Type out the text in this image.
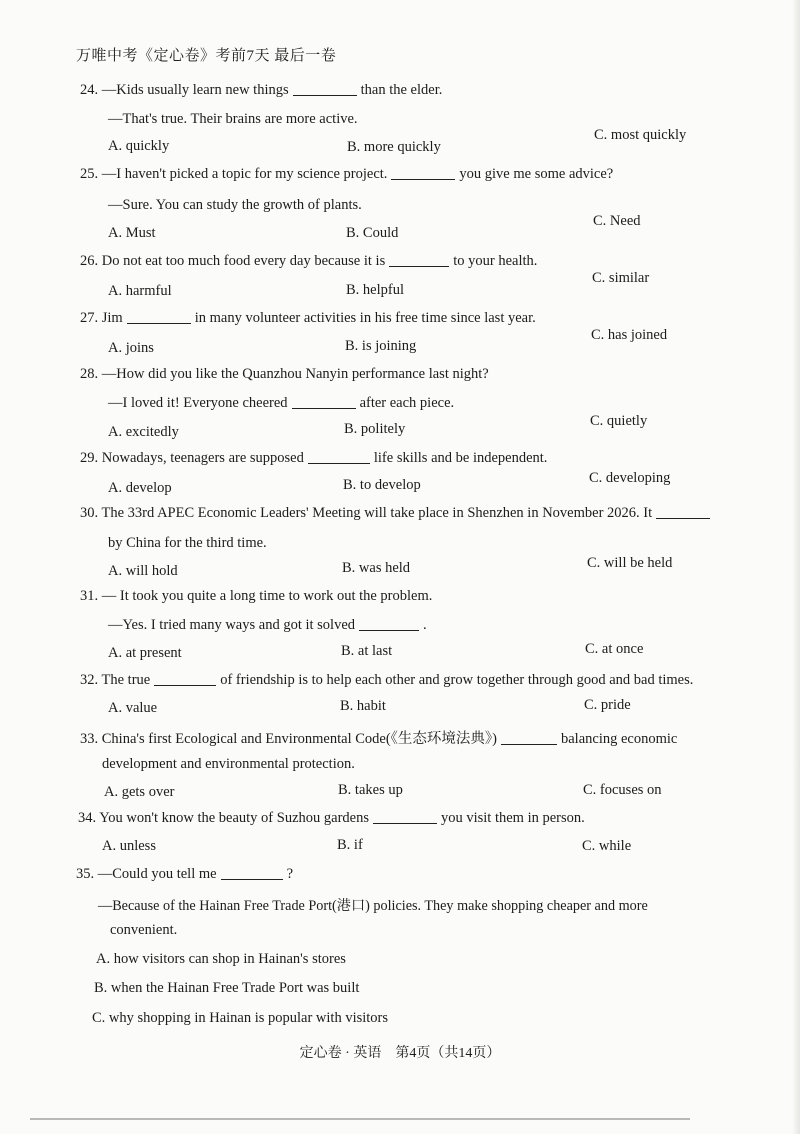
万唯中考《定心卷》考前7天 最后一卷
24. —Kids usually learn new things	than the elder.
—That's true. Their brains are more active.
A. quickly	B. more quickly
C. most quickly
25. —I haven't picked a topic for my science project.	you give me some advice?
—Sure. You can study the growth of plants.
A. Must	B. Could
C. Need
26. Do not eat too much food every day because it is	to your health.
A. harmful	B. helpful
C. similar
27. Jim	in many volunteer activities in his free time since last year.
A. joins	B. is joining
C. has joined
28. —How did you like the Quanzhou Nanyin performance last night?
—I loved it! Everyone cheered	after each piece.
A. excitedly	B. politely	C. quietly
29. Nowadays, teenagers are supposed	life skills and be independent.
A. develop	B. to develop	C. developing
30. The 33rd APEC Economic Leaders' Meeting will take place in Shenzhen in November 2026. It
by China for the third time.
A. will hold	B. was held	C. will be held
31. — It took you quite a long time to work out the problem.
—Yes. I tried many ways and got it solved	.
A. at present	B. at last	C. at once
32. The true	of friendship is to help each other and grow together through good and bad times.
A. value	B. habit	C. pride
33. China's first Ecological and Environmental Code(《生态环境法典》)	balancing economic
development and environmental protection.
A. gets over	B. takes up	C. focuses on
34. You won't know the beauty of Suzhou gardens	you visit them in person.
A. unless	B. if	C. while
35. —Could you tell me	?
—Because of the Hainan Free Trade Port(港口) policies. They make shopping cheaper and more
convenient.
A. how visitors can shop in Hainan's stores
B. when the Hainan Free Trade Port was built
C. why shopping in Hainan is popular with visitors
定心卷 · 英语　第4页（共14页）
